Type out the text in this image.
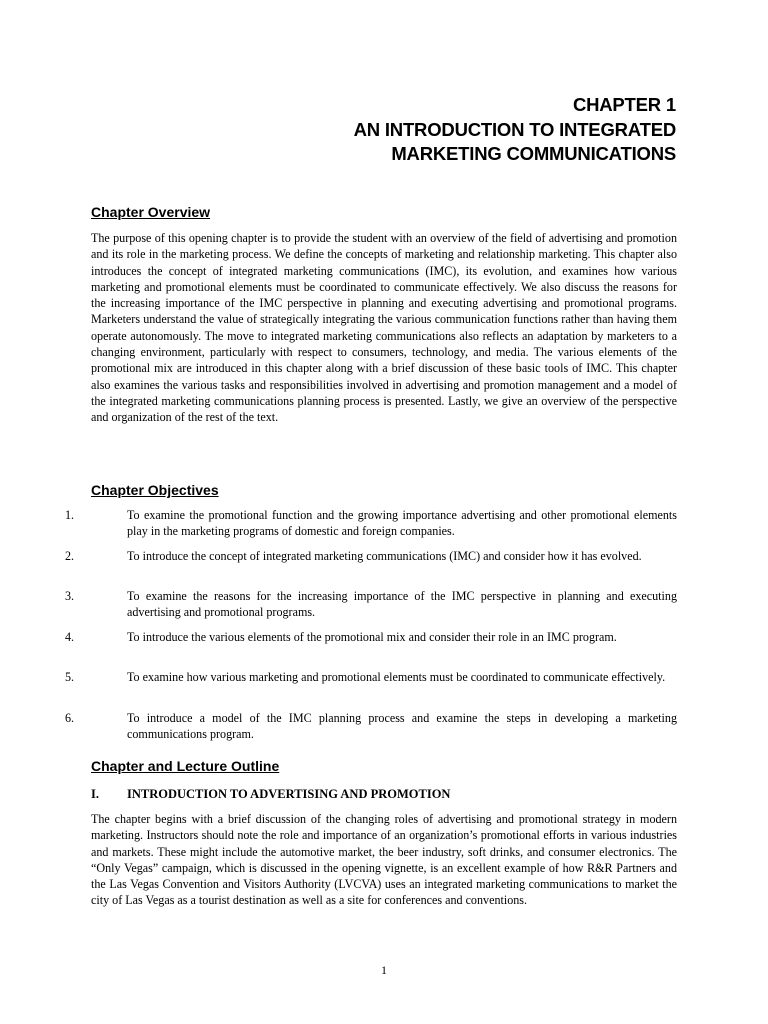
CHAPTER 1
AN INTRODUCTION TO INTEGRATED
MARKETING COMMUNICATIONS
Chapter Overview
The purpose of this opening chapter is to provide the student with an overview of the field of advertising and promotion and its role in the marketing process. We define the concepts of marketing and relationship marketing. This chapter also introduces the concept of integrated marketing communications (IMC), its evolution, and examines how various marketing and promotional elements must be coordinated to communicate effectively. We also discuss the reasons for the increasing importance of the IMC perspective in planning and executing advertising and promotional programs. Marketers understand the value of strategically integrating the various communication functions rather than having them operate autonomously. The move to integrated marketing communications also reflects an adaptation by marketers to a changing environment, particularly with respect to consumers, technology, and media. The various elements of the promotional mix are introduced in this chapter along with a brief discussion of these basic tools of IMC. This chapter also examines the various tasks and responsibilities involved in advertising and promotion management and a model of the integrated marketing communications planning process is presented. Lastly, we give an overview of the perspective and organization of the rest of the text.
Chapter Objectives
1.	To examine the promotional function and the growing importance advertising and other promotional elements play in the marketing programs of domestic and foreign companies.
2.	To introduce the concept of integrated marketing communications (IMC) and consider how it has evolved.
3.	To examine the reasons for the increasing importance of the IMC perspective in planning and executing advertising and promotional programs.
4.	To introduce the various elements of the promotional mix and consider their role in an IMC program.
5.	To examine how various marketing and promotional elements must be coordinated to communicate effectively.
6.	To introduce a model of the IMC planning process and examine the steps in developing a marketing communications program.
Chapter and Lecture Outline
I. INTRODUCTION TO ADVERTISING AND PROMOTION
The chapter begins with a brief discussion of the changing roles of advertising and promotional strategy in modern marketing. Instructors should note the role and importance of an organization’s promotional efforts in various industries and markets. These might include the automotive market, the beer industry, soft drinks, and consumer electronics. The “Only Vegas” campaign, which is discussed in the opening vignette, is an excellent example of how R&R Partners and the Las Vegas Convention and Visitors Authority (LVCVA) uses an integrated marketing communications to market the city of Las Vegas as a tourist destination as well as a site for conferences and conventions.
1
